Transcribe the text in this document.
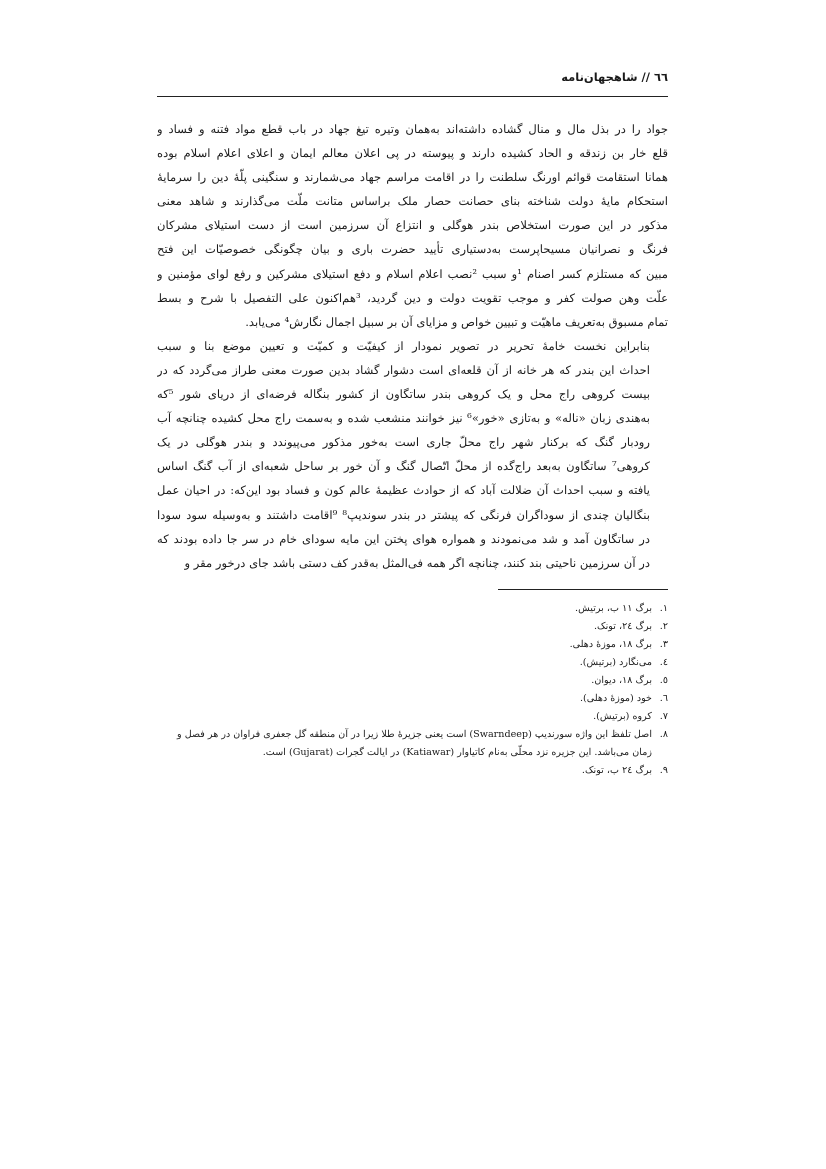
٦٦
//
شاهجهان‌نامه

جواد را در بذل مال و منال گشاده داشته‌اند به‌همان وتیره تیغ جهاد در باب قطع مواد فتنه و فساد و
قلع خار بن زندقه و الحاد کشیده دارند و پیوسته در پی اعلان معالم ایمان و اعلای اعلام اسلام بوده
همانا استقامت قوائم اورنگ سلطنت را در اقامت مراسم جهاد می‌شمارند و سنگینی پلّهٔ دین را سرمایهٔ
استحکام مایهٔ دولت شناخته بنای حصانت حصار ملک براساس متانت ملّت می‌گذارند و شاهد معنی
مذکور در این صورت استخلاص بندر هوگلی و انتزاع آن سرزمین است از دست استیلای مشرکان
فرنگ و نصرانیان مسیحاپرست به‌دستیاری تأیید حضرت باری و بیان چگونگی خصوصیّات این فتح
مبین که مستلزم کسر اصنام ¹و سبب ²نصب اعلام اسلام و دفع استیلای مشرکین و رفع لوای مؤمنین و
علّت وهن صولت کفر و موجب تقویت دولت و دین گردید، ³هم‌اکنون علی التفصیل با شرح و بسط
تمام مسبوق به‌تعریف ماهیّت و تبیین خواص و مزایای آن بر سبیل اجمال نگارش⁴ می‌یابد.

بنابراین نخست خامهٔ تحریر در تصویر نمودار از کیفیّت و کمیّت و تعیین موضع بنا و سبب
احداث این بندر که هر خانه از آن قلعه‌ای است دشوار گشاد بدین صورت معنی طراز می‌گردد که در
بیست کروهی راج محل و یک کروهی بندر ساتگاون از کشور بنگاله فرضه‌ای از دریای شور ⁵که
به‌هندی زبان «ناله» و به‌تازی «خور»⁶ نیز خوانند منشعب شده و به‌سمت راج محل کشیده چنانچه آب
رودبار گنگ که برکنار شهر راج محلّ جاری است به‌خور مذکور می‌پیوندد و بندر هوگلی در یک
کروهی⁷ ساتگاون به‌بعد راج‌گده از محلّ اتّصال گنگ و آن خور بر ساحل شعبه‌ای از آب گنگ اساس
یافته و سبب احداث آن ضلالت آباد که از حوادث عظیمهٔ عالم کون و فساد بود این‌که: در احیان عمل
بنگالیان چندی از سوداگران فرنگی که پیشتر در بندر سوندیپ⁸ ⁹اقامت داشتند و به‌وسیله سود سودا
در ساتگاون آمد و شد می‌نمودند و همواره هوای پختن این مایه سودای خام در سر جا داده بودند که
در آن سرزمین ناحیتی بند کنند، چنانچه اگر همه فی‌المثل به‌قدر کف دستی باشد جای درخور مقر و

١.
برگ ١١ ب، برتیش.
٢.
برگ ٢٤، تونک.
٣.
برگ ١٨، موزهٔ دهلی.
٤.
می‌نگارد (برتیش).
٥.
برگ ١٨، دیوان.
٦.
خود (موزهٔ دهلی).
٧.
کروه (برتیش).
٨.
اصل تلفظ این واژه سورندیپ (Swarndeep) است یعنی جزیرهٔ طلا زیرا در آن منطقه گل جعفری فراوان در هر فصل و زمان می‌باشد. این جزیره نزد محلّی به‌نام کاتیاوار (Katiawar) در ایالت گجرات (Gujarat) است.
٩.
برگ ٢٤ ب، تونک.
